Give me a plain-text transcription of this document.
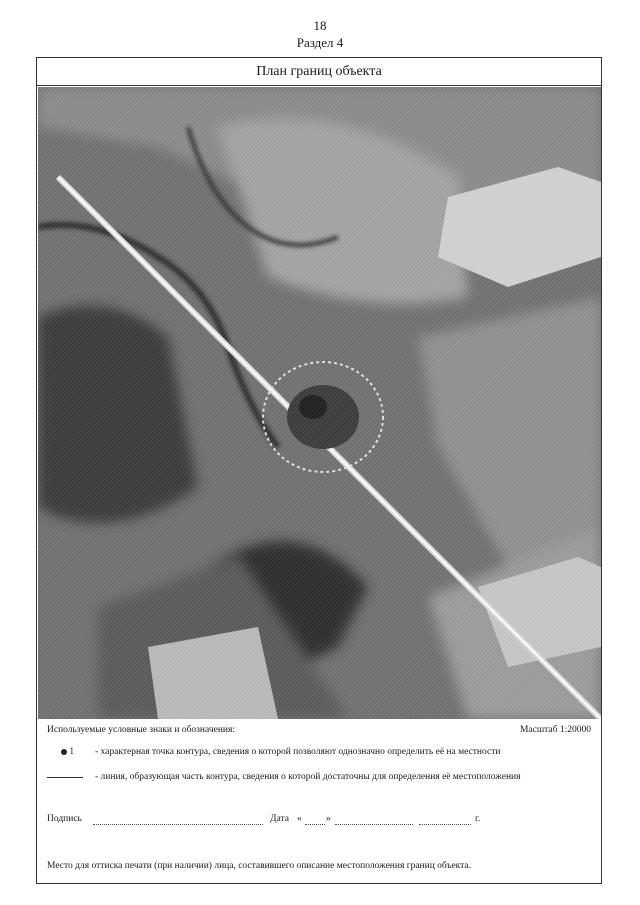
18
Раздел 4
План границ объекта
Используемые условные знаки и обозначения:	Масштаб 1:20000
1 - характерная точка контура, сведения о которой позволяют однозначно определить её на местности
- линия, образующая часть контура, сведения о которой достаточны для определения её местоположения
Подпись	Дата «	»	г.
Место для оттиска печати (при наличии) лица, составившего описание местоположения границ объекта.
